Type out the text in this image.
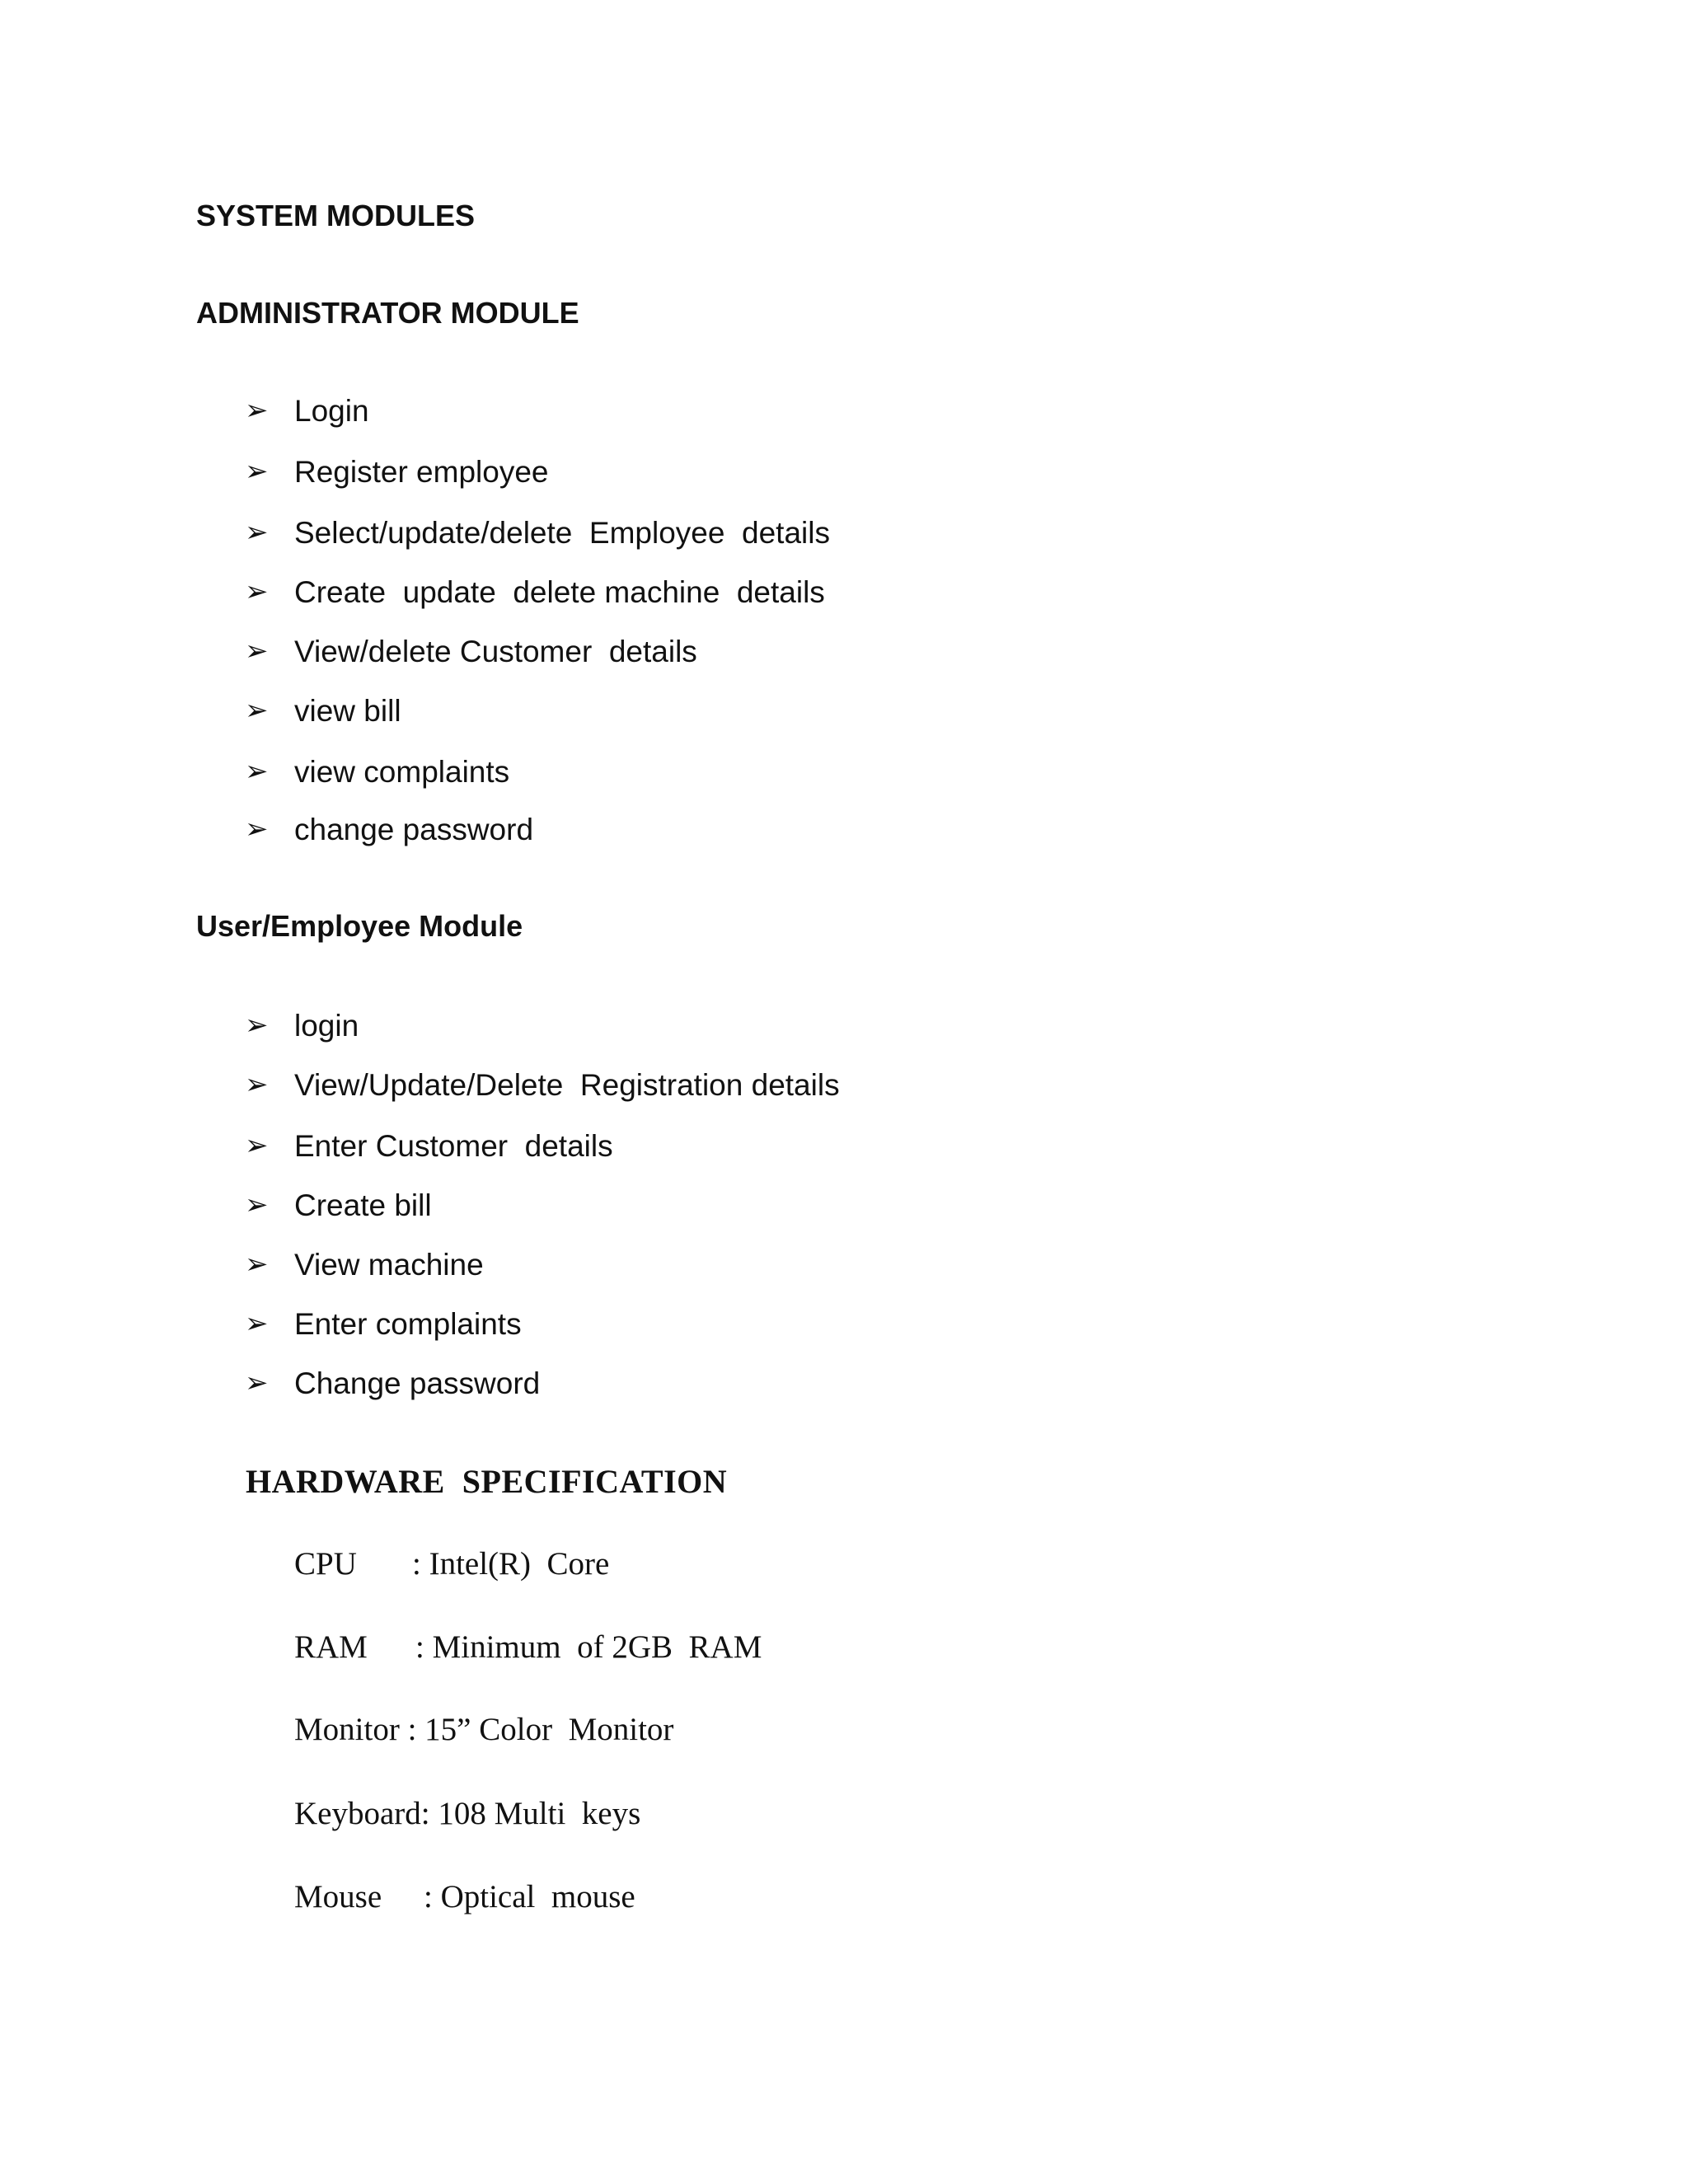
SYSTEM MODULES
ADMINISTRATOR MODULE
➢ Login
➢ Register employee
➢ Select/update/delete  Employee  details
➢ Create  update  delete machine  details
➢ View/delete Customer  details
➢ view bill
➢ view complaints
➢ change password
User/Employee Module
➢ login
➢ View/Update/Delete  Registration details
➢ Enter Customer  details
➢ Create bill
➢ View machine
➢ Enter complaints
➢ Change password
HARDWARE  SPECIFICATION
CPU : Intel(R)  Core
RAM : Minimum  of 2GB  RAM
Monitor : 15” Color  Monitor
Keyboard: 108 Multi  keys
Mouse : Optical  mouse
